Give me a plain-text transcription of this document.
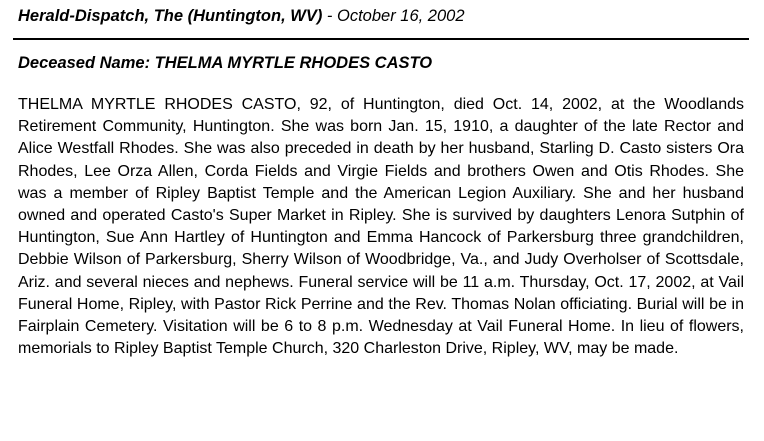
Herald-Dispatch, The (Huntington, WV) - October 16, 2002
Deceased Name: THELMA MYRTLE RHODES CASTO

THELMA MYRTLE RHODES CASTO, 92, of Huntington, died Oct. 14, 2002, at the Woodlands Retirement Community, Huntington. She was born Jan. 15, 1910, a daughter of the late Rector and Alice Westfall Rhodes. She was also preceded in death by her husband, Starling D. Casto sisters Ora Rhodes, Lee Orza Allen, Corda Fields and Virgie Fields and brothers Owen and Otis Rhodes. She was a member of Ripley Baptist Temple and the American Legion Auxiliary. She and her husband owned and operated Casto's Super Market in Ripley. She is survived by daughters Lenora Sutphin of Huntington, Sue Ann Hartley of Huntington and Emma Hancock of Parkersburg three grandchildren, Debbie Wilson of Parkersburg, Sherry Wilson of Woodbridge, Va., and Judy Overholser of Scottsdale, Ariz. and several nieces and nephews. Funeral service will be 11 a.m. Thursday, Oct. 17, 2002, at Vail Funeral Home, Ripley, with Pastor Rick Perrine and the Rev. Thomas Nolan officiating. Burial will be in Fairplain Cemetery. Visitation will be 6 to 8 p.m. Wednesday at Vail Funeral Home. In lieu of flowers, memorials to Ripley Baptist Temple Church, 320 Charleston Drive, Ripley, WV, may be made.
